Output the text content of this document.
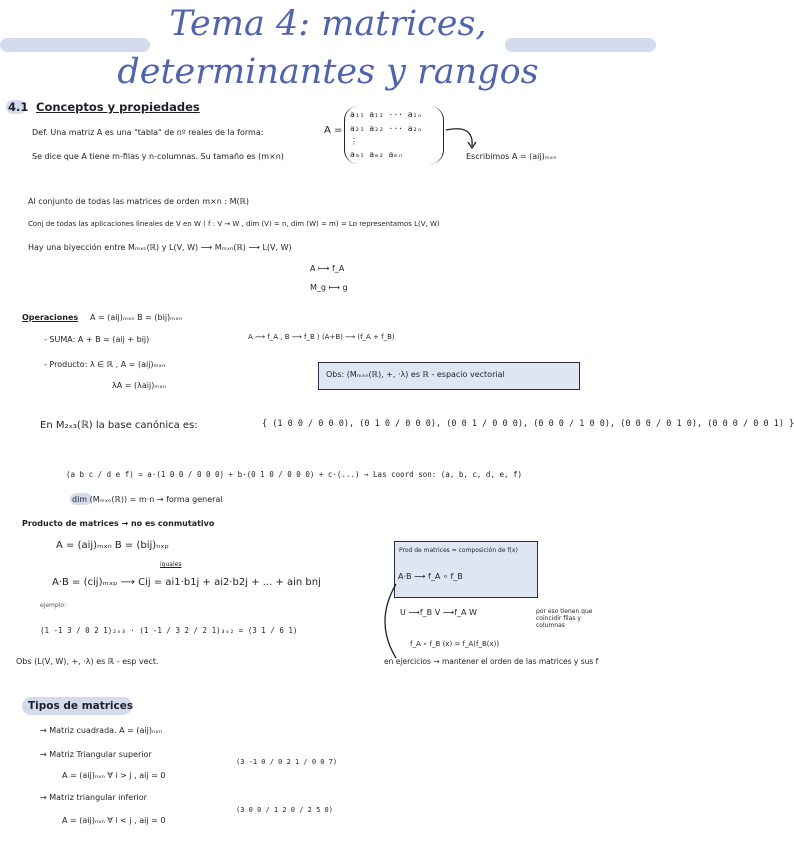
Tema 4: matrices,
determinantes y rangos
4.1 Conceptos y propiedades
Def. Una matriz A es una "tabla" de nº reales de la forma:	A =
a₁₁ a₁₂ ··· a₁ₙ
a₂₁ a₂₂ ··· a₂ₙ
⋮
aₘ₁ aₘ₂ aₘₙ	Escribimos A = (aij)ₘₓₙ
Se dice que A tiene m-filas y n-columnas. Su tamaño es (m×n)
Al conjunto de todas las matrices de orden m×n : M(ℝ)
Conj de todas las aplicaciones lineales de V en W ( f : V → W , dim (V) = n, dim (W) = m) = Lo representamos L(V, W)
Hay una biyección entre Mₘₓₙ(ℝ) y L(V, W) ⟶ Mₘₓₙ(ℝ) ⟶ L(V, W)
A ⟼ f_A
M_g ⟼ g
Operaciones A = (aij)ₘₓₙ B = (bij)ₘₓₙ
- SUMA: A + B = (aij + bij)	A ⟶ f_A , B ⟶ f_B ⟩ (A+B) ⟶ (f_A + f_B)
- Producto: λ ∈ ℝ , A = (aij)ₘₓₙ
λA = (λaij)ₘₓₙ
Obs: (Mₘₓₙ(ℝ), +, ·λ) es ℝ - espacio vectorial
En M₂ₓ₃(ℝ) la base canónica es:	{ (1 0 0 / 0 0 0), (0 1 0 / 0 0 0), (0 0 1 / 0 0 0), (0 0 0 / 1 0 0), (0 0 0 / 0 1 0), (0 0 0 / 0 0 1) }
(a b c / d e f) = a·(1 0 0 / 0 0 0) + b·(0 1 0 / 0 0 0) + c·(...) → Las coord son: (a, b, c, d, e, f)
dim (Mₘₓₙ(ℝ)) = m·n → forma general
Producto de matrices → no es conmutativo
A = (aij)ₘₓₙ B = (bij)ₙₓₚ
iguales
A·B = (cij)ₘₓₚ ⟶ Cij = ai1·b1j + ai2·b2j + ... + ain bnj
ejemplo:
(1 -1 3 / 0 2 1)₂ₓ₃ · (1 -1 / 3 2 / 2 1)₃ₓ₂ = (3 1 / 6 1)
Prod de matrices = composición de f(x)
A·B ⟶ f_A ∘ f_B
U ⟶f_B V ⟶f_A W
f_A ∘ f_B (x) = f_A(f_B(x))
por eso tienen que coincidir filas y columnas
Obs (L(V, W), +, ·λ) es ℝ - esp vect.	en ejercicios → mantener el orden de las matrices y sus f
Tipos de matrices
→ Matriz cuadrada. A = (aij)ₙₓₙ
→ Matriz Triangular superior
A = (aij)ₙₓₙ ∀ i > j , aij = 0
(3 -1 0 / 0 2 1 / 0 0 7)
→ Matriz triangular inferior
A = (aij)ₙₓₙ ∀ i < j , aij = 0
(3 0 0 / 1 2 0 / 2 5 0)
